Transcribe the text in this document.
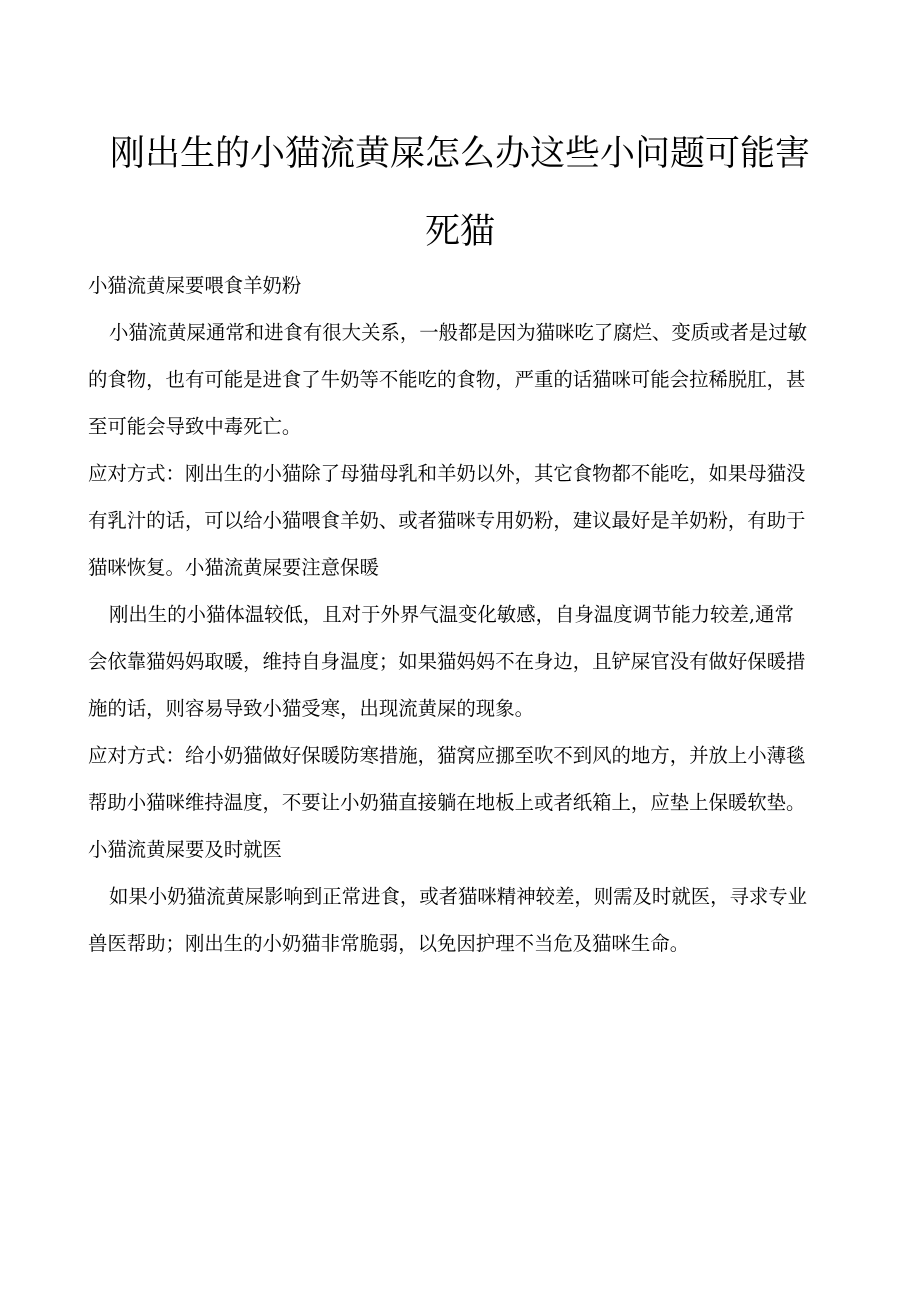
刚出生的小猫流黄屎怎么办这些小问题可能害
死猫
小猫流黄屎要喂食羊奶粉
小猫流黄屎通常和进食有很大关系，一般都是因为猫咪吃了腐烂、变质或者是过敏
的食物，也有可能是进食了牛奶等不能吃的食物，严重的话猫咪可能会拉稀脱肛，甚
至可能会导致中毒死亡。
应对方式：刚出生的小猫除了母猫母乳和羊奶以外，其它食物都不能吃，如果母猫没
有乳汁的话，可以给小猫喂食羊奶、或者猫咪专用奶粉，建议最好是羊奶粉，有助于
猫咪恢复。小猫流黄屎要注意保暖
刚出生的小猫体温较低，且对于外界气温变化敏感，自身温度调节能力较差,通常
会依靠猫妈妈取暖，维持自身温度；如果猫妈妈不在身边，且铲屎官没有做好保暖措
施的话，则容易导致小猫受寒，出现流黄屎的现象。
应对方式：给小奶猫做好保暖防寒措施，猫窝应挪至吹不到风的地方，并放上小薄毯
帮助小猫咪维持温度，不要让小奶猫直接躺在地板上或者纸箱上，应垫上保暖软垫。
小猫流黄屎要及时就医
如果小奶猫流黄屎影响到正常进食，或者猫咪精神较差，则需及时就医，寻求专业
兽医帮助；刚出生的小奶猫非常脆弱，以免因护理不当危及猫咪生命。
